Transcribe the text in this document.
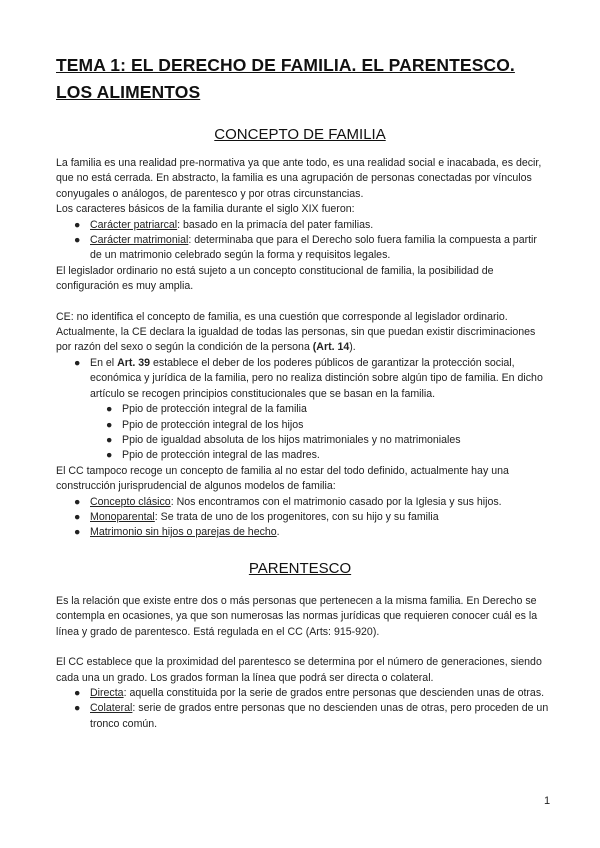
TEMA 1: EL DERECHO DE FAMILIA. EL PARENTESCO. LOS ALIMENTOS
CONCEPTO DE FAMILIA

La familia es una realidad pre-normativa ya que ante todo, es una realidad social e inacabada, es decir, que no está cerrada. En abstracto, la familia es una agrupación de personas conectadas por vínculos conyugales o análogos, de parentesco y por otras circunstancias.

Los caracteres básicos de la familia durante el siglo XIX fueron:

● Carácter patriarcal: basado en la primacía del pater familias.
● Carácter matrimonial: determinaba que para el Derecho solo fuera familia la compuesta a partir de un matrimonio celebrado según la forma y requisitos legales.

El legislador ordinario no está sujeto a un concepto constitucional de familia, la posibilidad de configuración es muy amplia.

CE: no identifica el concepto de familia, es una cuestión que corresponde al legislador ordinario. Actualmente, la CE declara la igualdad de todas las personas, sin que puedan existir discriminaciones por razón del sexo o según la condición de la persona (Art. 14).

● En el Art. 39 establece el deber de los poderes públicos de garantizar la protección social, económica y jurídica de la familia, pero no realiza distinción sobre algún tipo de familia. En dicho artículo se recogen principios constitucionales que se basan en la familia.
● Ppio de protección integral de la familia
● Ppio de protección integral de los hijos
● Ppio de igualdad absoluta de los hijos matrimoniales y no matrimoniales
● Ppio de protección integral de las madres.

El CC tampoco recoge un concepto de familia al no estar del todo definido, actualmente hay una construcción jurisprudencial de algunos modelos de familia:

● Concepto clásico: Nos encontramos con el matrimonio casado por la Iglesia y sus hijos.
● Monoparental: Se trata de uno de los progenitores, con su hijo y su familia
● Matrimonio sin hijos o parejas de hecho.
PARENTESCO

Es la relación que existe entre dos o más personas que pertenecen a la misma familia. En Derecho se contempla en ocasiones, ya que son numerosas las normas jurídicas que requieren conocer cuál es la línea y grado de parentesco. Está regulada en el CC (Arts: 915-920).

El CC establece que la proximidad del parentesco se determina por el número de generaciones, siendo cada una un grado. Los grados forman la línea que podrá ser directa o colateral.

● Directa: aquella constituida por la serie de grados entre personas que descienden unas de otras.
● Colateral: serie de grados entre personas que no descienden unas de otras, pero proceden de un tronco común.
1
